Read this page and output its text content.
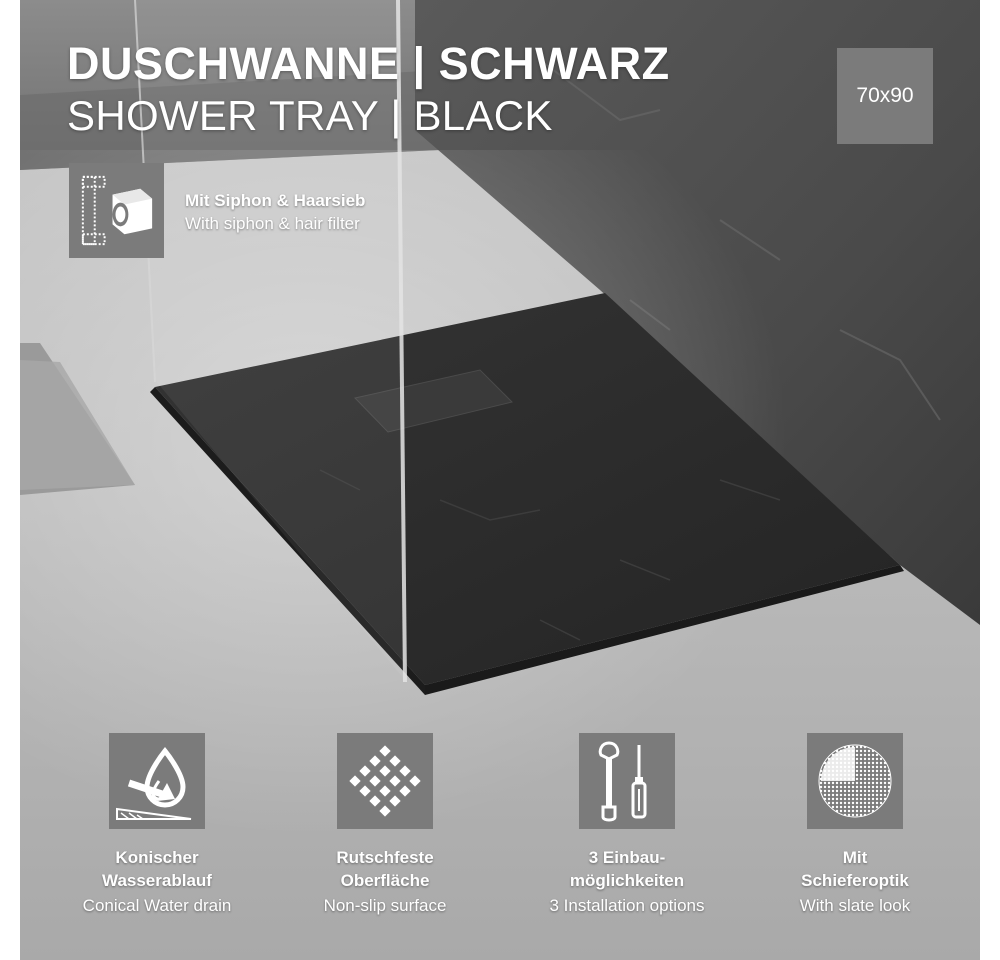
DUSCHWANNE | SCHWARZ
SHOWER TRAY | BLACK	70x90
Mit Siphon & Haarsieb
With siphon & hair filter
Konischer
Wasserablauf
Conical Water drain
Rutschfeste
Oberfläche
Non-slip surface
3 Einbau-
möglichkeiten
3 Installation options
Mit
Schieferoptik
With slate look
